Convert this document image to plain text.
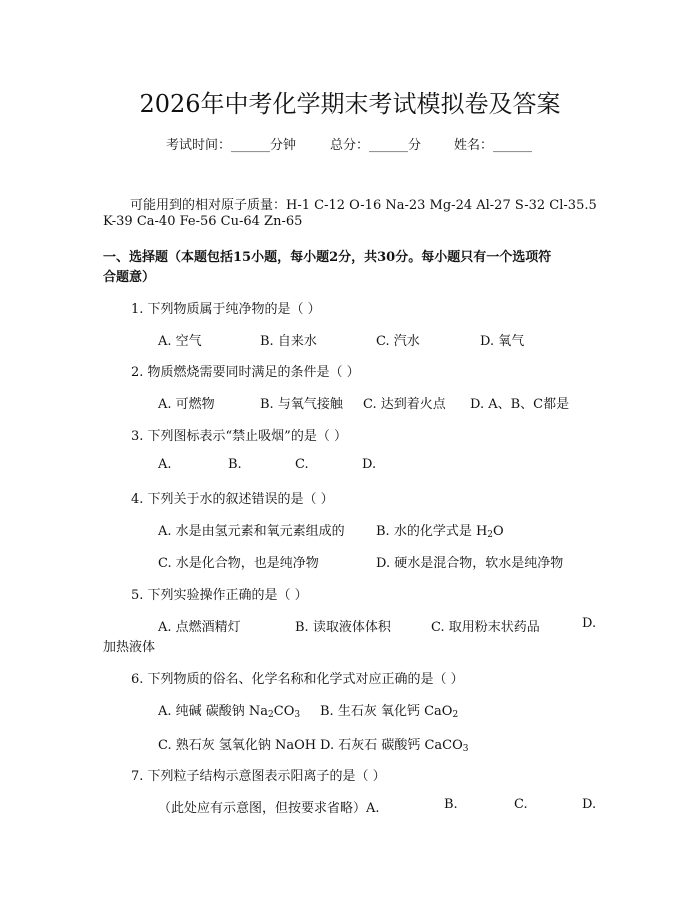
2026年中考化学期末考试模拟卷及答案
考试时间：______分钟	总分：______分	姓名：______
可能用到的相对原子质量：H-1 C-12 O-16 Na-23 Mg-24 Al-27 S-32 Cl-35.5
K-39 Ca-40 Fe-56 Cu-64 Zn-65
一、选择题（本题包括15小题，每小题2分，共30分。每小题只有一个选项符
合题意）
1. 下列物质属于纯净物的是（ ）
A. 空气	B. 自来水	C. 汽水	D. 氧气
2. 物质燃烧需要同时满足的条件是（ ）
A. 可燃物	B. 与氧气接触 C. 达到着火点 D. A、B、C都是
3. 下列图标表示“禁止吸烟”的是（ ）
A.	B.	C.	D.
4. 下列关于水的叙述错误的是（ ）
A. 水是由氢元素和氧元素组成的 B. 水的化学式是 $H_2O$
C. 水是化合物，也是纯净物	D. 硬水是混合物，软水是纯净物
5. 下列实验操作正确的是（ ）
A. 点燃酒精灯	B. 读取液体体积	C. 取用粉末状药品	D.
加热液体
6. 下列物质的俗名、化学名称和化学式对应正确的是（ ）
A. 纯碱 碳酸钠 $Na_2CO_3$ B. 生石灰 氧化钙 CaO$_2$
C. 熟石灰 氢氧化钠 NaOH D. 石灰石 碳酸钙 CaCO$_3$
7. 下列粒子结构示意图表示阳离子的是（ ）
（此处应有示意图，但按要求省略）A.	B.	C.	D.
